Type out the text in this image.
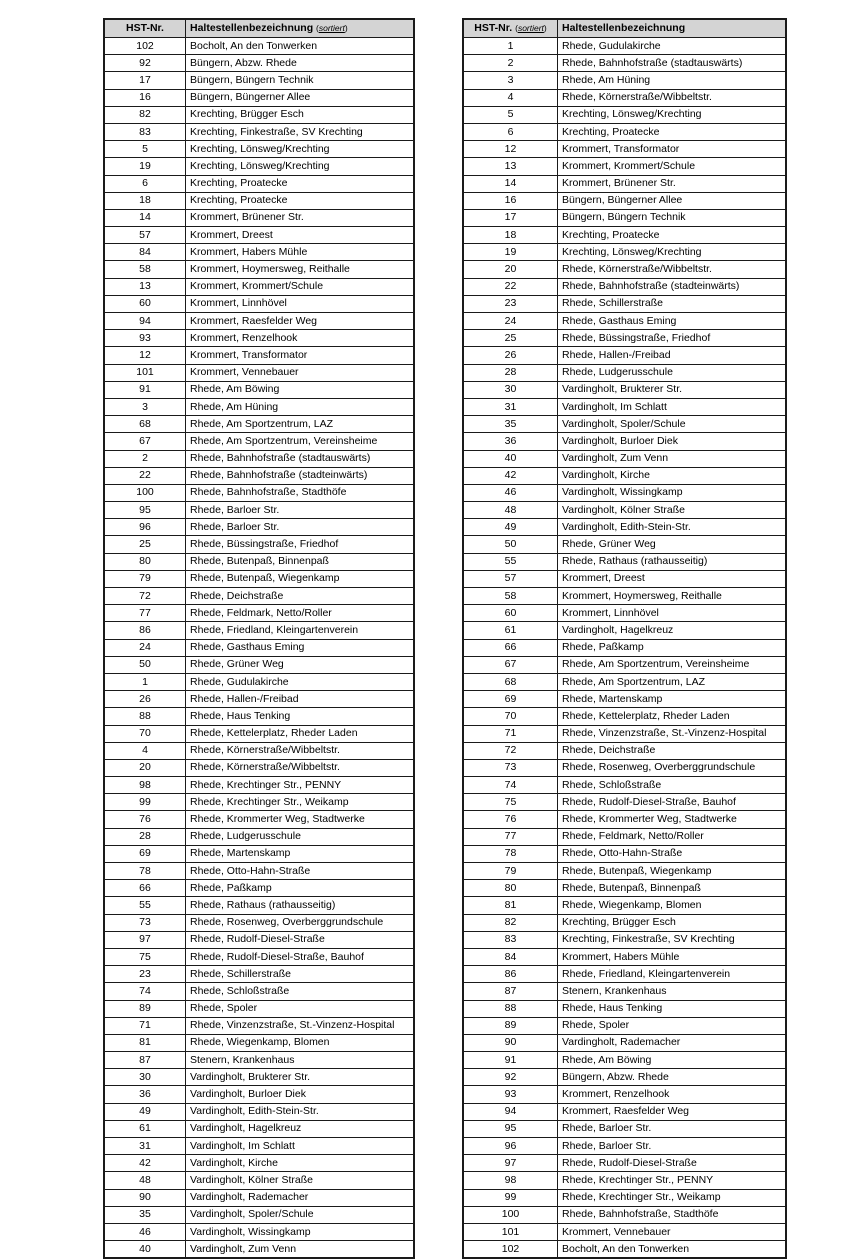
HST-Nr.	Haltestellenbezeichnung (sortiert)
102	Bocholt, An den Tonwerken
92	Büngern, Abzw. Rhede
17	Büngern, Büngern Technik
16	Büngern, Büngerner Allee
82	Krechting, Brügger Esch
83	Krechting, Finkestraße, SV Krechting
5	Krechting, Lönsweg/Krechting
19	Krechting, Lönsweg/Krechting
6	Krechting, Proatecke
18	Krechting, Proatecke
14	Krommert, Brünener Str.
57	Krommert, Dreest
84	Krommert, Habers Mühle
58	Krommert, Hoymersweg, Reithalle
13	Krommert, Krommert/Schule
60	Krommert, Linnhövel
94	Krommert, Raesfelder Weg
93	Krommert, Renzelhook
12	Krommert, Transformator
101	Krommert, Vennebauer
91	Rhede, Am Böwing
3	Rhede, Am Hüning
68	Rhede, Am Sportzentrum, LAZ
67	Rhede, Am Sportzentrum, Vereinsheime
2	Rhede, Bahnhofstraße (stadtauswärts)
22	Rhede, Bahnhofstraße (stadteinwärts)
100	Rhede, Bahnhofstraße, Stadthöfe
95	Rhede, Barloer Str.
96	Rhede, Barloer Str.
25	Rhede, Büssingstraße, Friedhof
80	Rhede, Butenpaß, Binnenpaß
79	Rhede, Butenpaß, Wiegenkamp
72	Rhede, Deichstraße
77	Rhede, Feldmark, Netto/Roller
86	Rhede, Friedland, Kleingartenverein
24	Rhede, Gasthaus Eming
50	Rhede, Grüner Weg
1	Rhede, Gudulakirche
26	Rhede, Hallen-/Freibad
88	Rhede, Haus Tenking
70	Rhede, Kettelerplatz, Rheder Laden
4	Rhede, Körnerstraße/Wibbeltstr.
20	Rhede, Körnerstraße/Wibbeltstr.
98	Rhede, Krechtinger Str., PENNY
99	Rhede, Krechtinger Str., Weikamp
76	Rhede, Krommerter Weg, Stadtwerke
28	Rhede, Ludgerusschule
69	Rhede, Martenskamp
78	Rhede, Otto-Hahn-Straße
66	Rhede, Paßkamp
55	Rhede, Rathaus (rathausseitig)
73	Rhede, Rosenweg, Overberggrundschule
97	Rhede, Rudolf-Diesel-Straße
75	Rhede, Rudolf-Diesel-Straße, Bauhof
23	Rhede, Schillerstraße
74	Rhede, Schloßstraße
89	Rhede, Spoler
71	Rhede, Vinzenzstraße, St.-Vinzenz-Hospital
81	Rhede, Wiegenkamp, Blomen
87	Stenern, Krankenhaus
30	Vardingholt, Brukterer Str.
36	Vardingholt, Burloer Diek
49	Vardingholt, Edith-Stein-Str.
61	Vardingholt, Hagelkreuz
31	Vardingholt, Im Schlatt
42	Vardingholt, Kirche
48	Vardingholt, Kölner Straße
90	Vardingholt, Rademacher
35	Vardingholt, Spoler/Schule
46	Vardingholt, Wissingkamp
40	Vardingholt, Zum Venn
HST-Nr. (sortiert)	Haltestellenbezeichnung
1	Rhede, Gudulakirche
2	Rhede, Bahnhofstraße (stadtauswärts)
3	Rhede, Am Hüning
4	Rhede, Körnerstraße/Wibbeltstr.
5	Krechting, Lönsweg/Krechting
6	Krechting, Proatecke
12	Krommert, Transformator
13	Krommert, Krommert/Schule
14	Krommert, Brünener Str.
16	Büngern, Büngerner Allee
17	Büngern, Büngern Technik
18	Krechting, Proatecke
19	Krechting, Lönsweg/Krechting
20	Rhede, Körnerstraße/Wibbeltstr.
22	Rhede, Bahnhofstraße (stadteinwärts)
23	Rhede, Schillerstraße
24	Rhede, Gasthaus Eming
25	Rhede, Büssingstraße, Friedhof
26	Rhede, Hallen-/Freibad
28	Rhede, Ludgerusschule
30	Vardingholt, Brukterer Str.
31	Vardingholt, Im Schlatt
35	Vardingholt, Spoler/Schule
36	Vardingholt, Burloer Diek
40	Vardingholt, Zum Venn
42	Vardingholt, Kirche
46	Vardingholt, Wissingkamp
48	Vardingholt, Kölner Straße
49	Vardingholt, Edith-Stein-Str.
50	Rhede, Grüner Weg
55	Rhede, Rathaus (rathausseitig)
57	Krommert, Dreest
58	Krommert, Hoymersweg, Reithalle
60	Krommert, Linnhövel
61	Vardingholt, Hagelkreuz
66	Rhede, Paßkamp
67	Rhede, Am Sportzentrum, Vereinsheime
68	Rhede, Am Sportzentrum, LAZ
69	Rhede, Martenskamp
70	Rhede, Kettelerplatz, Rheder Laden
71	Rhede, Vinzenzstraße, St.-Vinzenz-Hospital
72	Rhede, Deichstraße
73	Rhede, Rosenweg, Overberggrundschule
74	Rhede, Schloßstraße
75	Rhede, Rudolf-Diesel-Straße, Bauhof
76	Rhede, Krommerter Weg, Stadtwerke
77	Rhede, Feldmark, Netto/Roller
78	Rhede, Otto-Hahn-Straße
79	Rhede, Butenpaß, Wiegenkamp
80	Rhede, Butenpaß, Binnenpaß
81	Rhede, Wiegenkamp, Blomen
82	Krechting, Brügger Esch
83	Krechting, Finkestraße, SV Krechting
84	Krommert, Habers Mühle
86	Rhede, Friedland, Kleingartenverein
87	Stenern, Krankenhaus
88	Rhede, Haus Tenking
89	Rhede, Spoler
90	Vardingholt, Rademacher
91	Rhede, Am Böwing
92	Büngern, Abzw. Rhede
93	Krommert, Renzelhook
94	Krommert, Raesfelder Weg
95	Rhede, Barloer Str.
96	Rhede, Barloer Str.
97	Rhede, Rudolf-Diesel-Straße
98	Rhede, Krechtinger Str., PENNY
99	Rhede, Krechtinger Str., Weikamp
100	Rhede, Bahnhofstraße, Stadthöfe
101	Krommert, Vennebauer
102	Bocholt, An den Tonwerken
